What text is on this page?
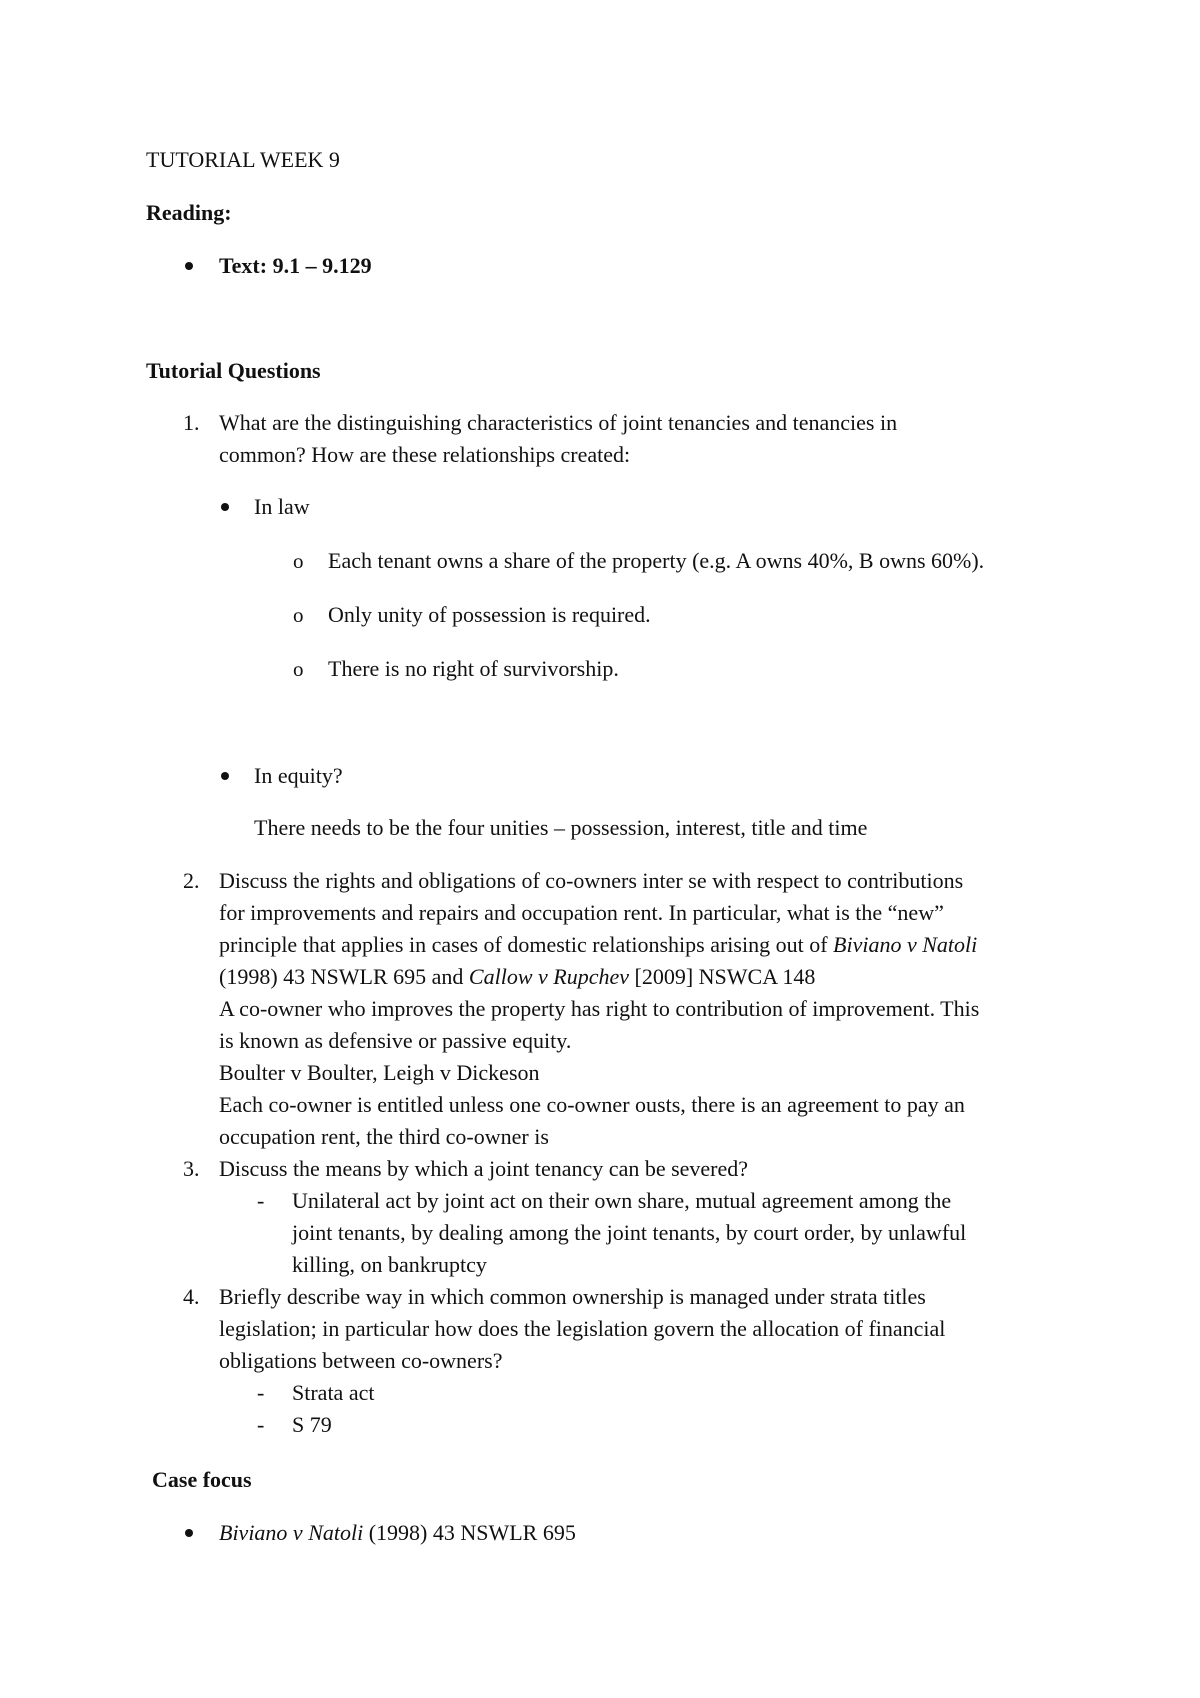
TUTORIAL WEEK 9
Reading:
Text: 9.1 – 9.129
Tutorial Questions
1. What are the distinguishing characteristics of joint tenancies and tenancies in
common? How are these relationships created:
In law
o Each tenant owns a share of the property (e.g. A owns 40%, B owns 60%).
o Only unity of possession is required.
o There is no right of survivorship.
In equity?
There needs to be the four unities – possession, interest, title and time
2. Discuss the rights and obligations of co-owners inter se with respect to contributions
for improvements and repairs and occupation rent. In particular, what is the “new”
principle that applies in cases of domestic relationships arising out of Biviano v Natoli
(1998) 43 NSWLR 695 and Callow v Rupchev [2009] NSWCA 148
A co-owner who improves the property has right to contribution of improvement. This
is known as defensive or passive equity.
Boulter v Boulter, Leigh v Dickeson
Each co-owner is entitled unless one co-owner ousts, there is an agreement to pay an
occupation rent, the third co-owner is
3. Discuss the means by which a joint tenancy can be severed?
- Unilateral act by joint act on their own share, mutual agreement among the
joint tenants, by dealing among the joint tenants, by court order, by unlawful
killing, on bankruptcy
4. Briefly describe way in which common ownership is managed under strata titles
legislation; in particular how does the legislation govern the allocation of financial
obligations between co-owners?
- Strata act
- S 79
Case focus
Biviano v Natoli (1998) 43 NSWLR 695
